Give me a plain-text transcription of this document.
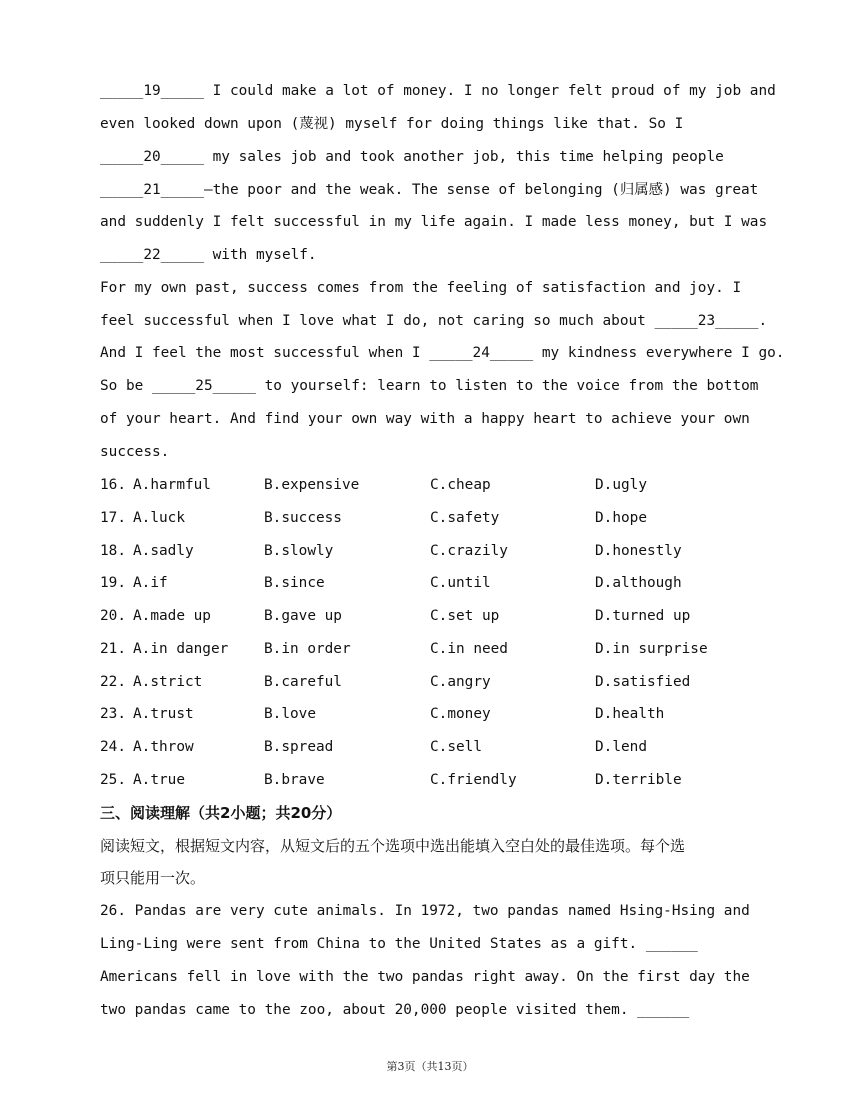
_____19_____ I could make a lot of money. I no longer felt proud of my job and
even looked down upon (蔑视) myself for doing things like that. So I
_____20_____ my sales job and took another job, this time helping people
_____21_____—the poor and the weak. The sense of belonging (归属感) was great
and suddenly I felt successful in my life again. I made less money, but I was
_____22_____ with myself.
For my own past, success comes from the feeling of satisfaction and joy. I
feel successful when I love what I do, not caring so much about _____23_____.
And I feel the most successful when I _____24_____ my kindness everywhere I go.
So be _____25_____ to yourself: learn to listen to the voice from the bottom
of your heart. And find your own way with a happy heart to achieve your own
success.
16. A.harmful	B.expensive	C.cheap	D.ugly
17. A.luck	B.success	C.safety	D.hope
18. A.sadly	B.slowly	C.crazily	D.honestly
19. A.if	B.since	C.until	D.although
20. A.made up	B.gave up	C.set up	D.turned up
21. A.in danger B.in order	C.in need	D.in surprise
22. A.strict	B.careful	C.angry	D.satisfied
23. A.trust	B.love	C.money	D.health
24. A.throw	B.spread	C.sell	D.lend
25. A.true	B.brave	C.friendly	D.terrible
三、阅读理解（共2小题；共20分）
阅读短文，根据短文内容，从短文后的五个选项中选出能填入空白处的最佳选项。每个选
项只能用一次。
26. Pandas are very cute animals. In 1972, two pandas named Hsing-Hsing and
Ling-Ling were sent from China to the United States as a gift. ______
Americans fell in love with the two pandas right away. On the first day the
two pandas came to the zoo, about 20,000 people visited them. ______
第3页（共13页）
